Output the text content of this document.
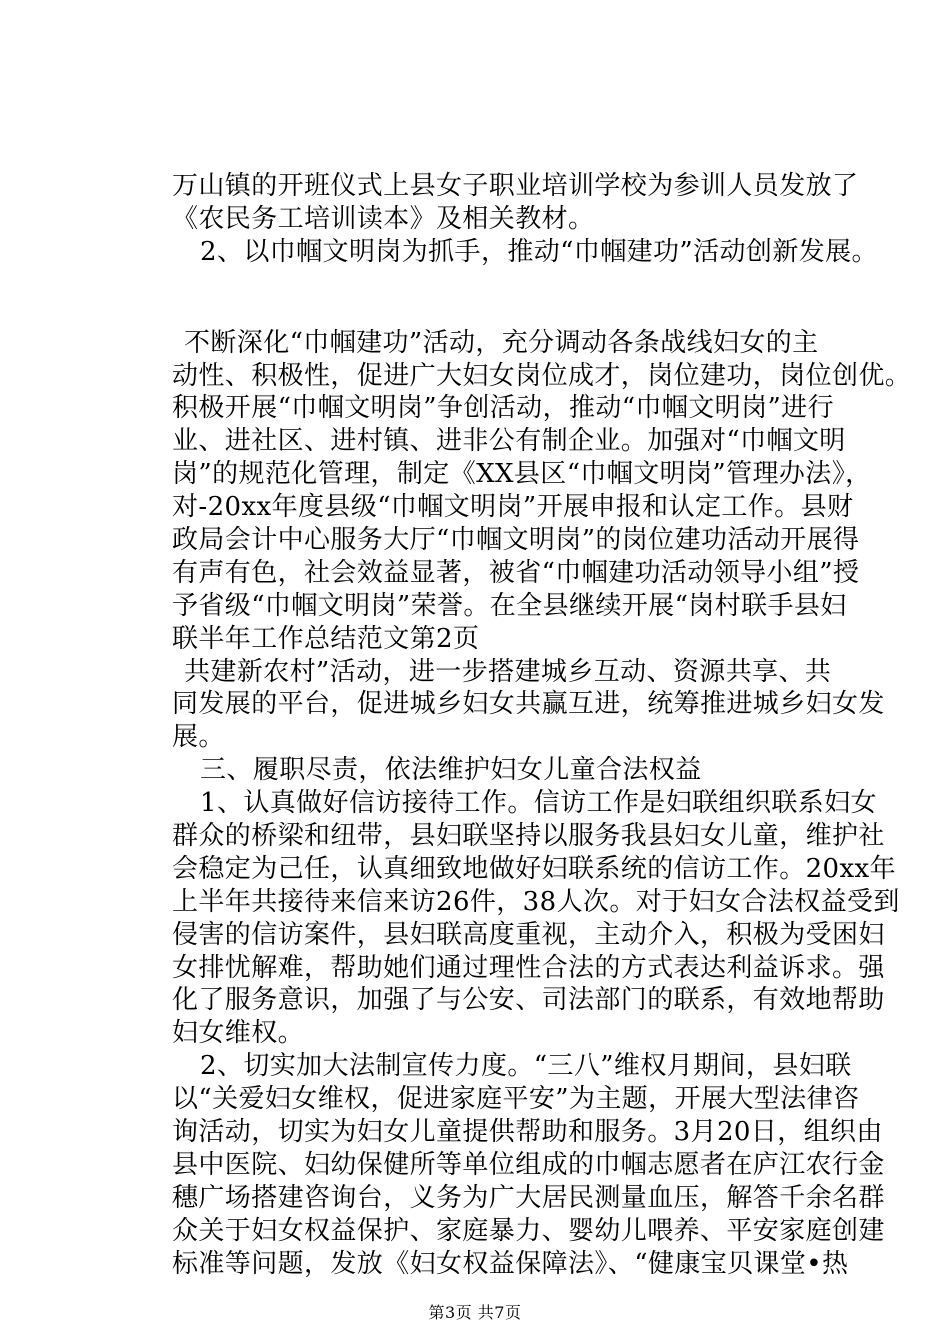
万山镇的开班仪式上县女子职业培训学校为参训人员发放了
《农民务工培训读本》及相关教材。
2、以巾帼文明岗为抓手，推动“巾帼建功”活动创新发展。
不断深化“巾帼建功”活动，充分调动各条战线妇女的主
动性、积极性，促进广大妇女岗位成才，岗位建功，岗位创优。
积极开展“巾帼文明岗”争创活动，推动“巾帼文明岗”进行
业、进社区、进村镇、进非公有制企业。加强对“巾帼文明
岗”的规范化管理，制定《XX县区“巾帼文明岗”管理办法》，
对-20xx年度县级“巾帼文明岗”开展申报和认定工作。县财
政局会计中心服务大厅“巾帼文明岗”的岗位建功活动开展得
有声有色，社会效益显著，被省“巾帼建功活动领导小组”授
予省级“巾帼文明岗”荣誉。在全县继续开展“岗村联手县妇
联半年工作总结范文第2页
共建新农村”活动，进一步搭建城乡互动、资源共享、共
同发展的平台，促进城乡妇女共赢互进，统筹推进城乡妇女发
展。
三、履职尽责，依法维护妇女儿童合法权益
1、认真做好信访接待工作。信访工作是妇联组织联系妇女
群众的桥梁和纽带，县妇联坚持以服务我县妇女儿童，维护社
会稳定为己任，认真细致地做好妇联系统的信访工作。20xx年
上半年共接待来信来访26件，38人次。对于妇女合法权益受到
侵害的信访案件，县妇联高度重视，主动介入，积极为受困妇
女排忧解难，帮助她们通过理性合法的方式表达利益诉求。强
化了服务意识，加强了与公安、司法部门的联系，有效地帮助
妇女维权。
2、切实加大法制宣传力度。“三八”维权月期间，县妇联
以“关爱妇女维权，促进家庭平安”为主题，开展大型法律咨
询活动，切实为妇女儿童提供帮助和服务。3月20日，组织由
县中医院、妇幼保健所等单位组成的巾帼志愿者在庐江农行金
穗广场搭建咨询台，义务为广大居民测量血压，解答千余名群
众关于妇女权益保护、家庭暴力、婴幼儿喂养、平安家庭创建
标准等问题，发放《妇女权益保障法》、“健康宝贝课堂•热
第3页 共7页
